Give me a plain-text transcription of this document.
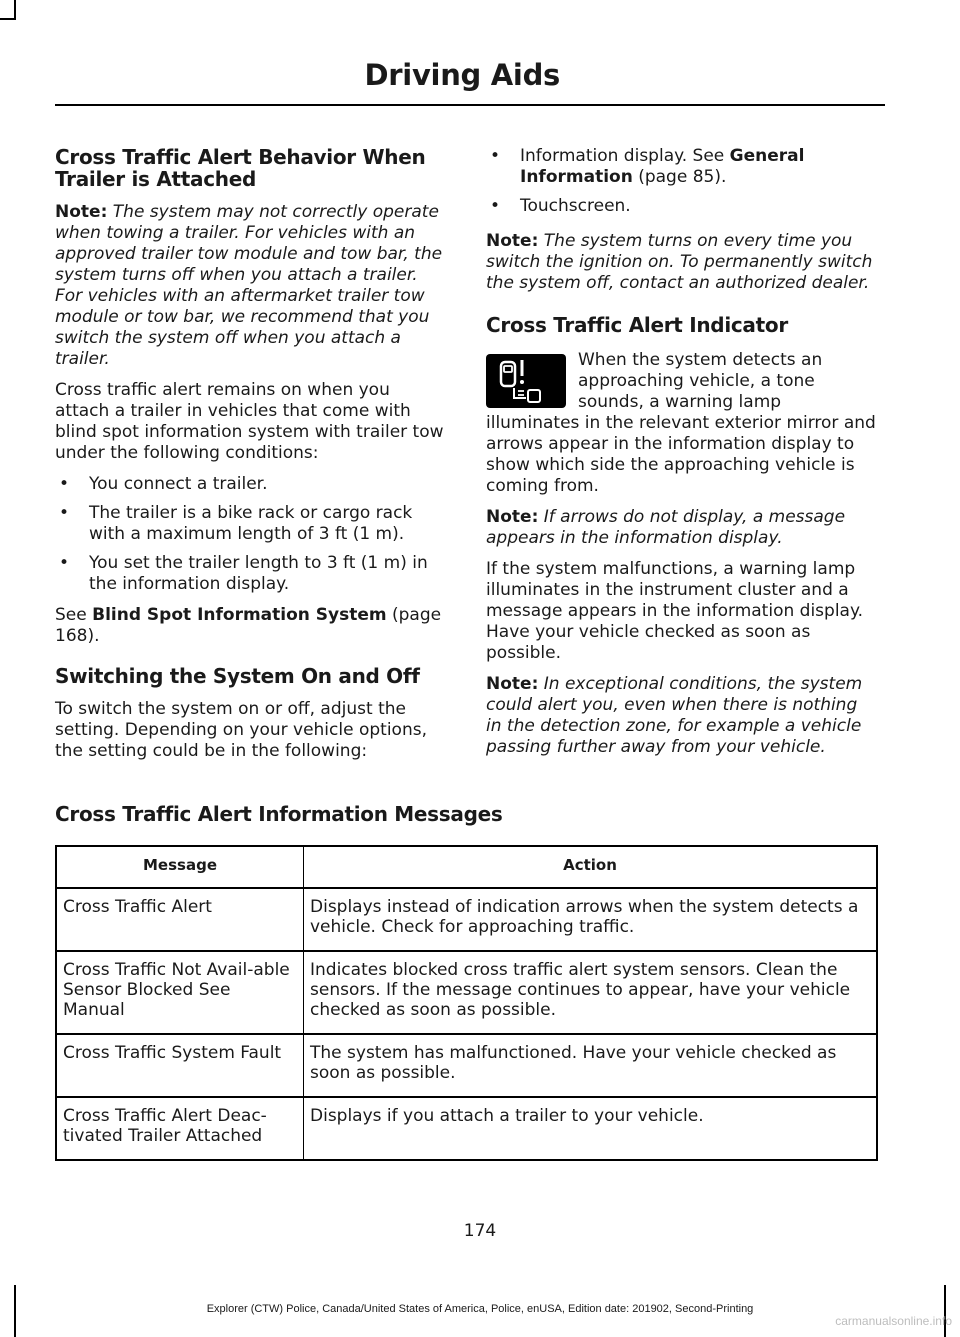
Driving Aids
Cross Traffic Alert Behavior When Trailer is Attached

Note: The system may not correctly operate when towing a trailer. For vehicles with an approved trailer tow module and tow bar, the system turns off when you attach a trailer. For vehicles with an aftermarket trailer tow module or tow bar, we recommend that you switch the system off when you attach a trailer.

Cross traffic alert remains on when you attach a trailer in vehicles that come with blind spot information system with trailer tow under the following conditions:

• You connect a trailer.
• The trailer is a bike rack or cargo rack with a maximum length of 3 ft (1 m).
• You set the trailer length to 3 ft (1 m) in the information display.

See Blind Spot Information System (page 168).

Switching the System On and Off

To switch the system on or off, adjust the setting. Depending on your vehicle options, the setting could be in the following:

• Information display. See General Information (page 85).
• Touchscreen.

Note: The system turns on every time you switch the ignition on. To permanently switch the system off, contact an authorized dealer.

Cross Traffic Alert Indicator

When the system detects an approaching vehicle, a tone sounds, a warning lamp illuminates in the relevant exterior mirror and arrows appear in the information display to show which side the approaching vehicle is coming from.

Note: If arrows do not display, a message appears in the information display.

If the system malfunctions, a warning lamp illuminates in the instrument cluster and a message appears in the information display. Have your vehicle checked as soon as possible.

Note: In exceptional conditions, the system could alert you, even when there is nothing in the detection zone, for example a vehicle passing further away from your vehicle.

Cross Traffic Alert Information Messages
Message	Action
Cross Traffic Alert	Displays instead of indication arrows when the system detects a vehicle. Check for approaching traffic.
Cross Traffic Not Avail-able Sensor Blocked See Manual	Indicates blocked cross traffic alert system sensors. Clean the sensors. If the message continues to appear, have your vehicle checked as soon as possible.
Cross Traffic System Fault	The system has malfunctioned. Have your vehicle checked as soon as possible.
Cross Traffic Alert Deac-tivated Trailer Attached	Displays if you attach a trailer to your vehicle.
174
Explorer (CTW) Police, Canada/United States of America, Police, enUSA, Edition date: 201902, Second-Printing
carmanualsonline.info
